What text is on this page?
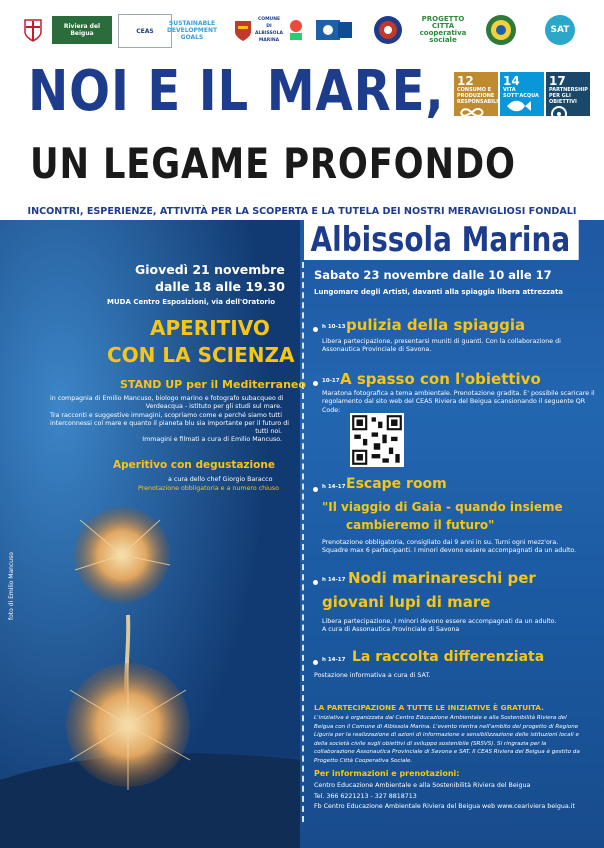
Riviera del Beigua	CEAS
SUSTAINABLE DEVELOPMENT GOALS
COMUNE DI ALBISSOLA MARINA
PROGETTO CITTÀ cooperativa sociale
SAT
NOI E IL MARE,
UN LEGAME PROFONDO
12
CONSUMO E PRODUZIONE RESPONSABILI
14
VITA SOTT'ACQUA
17
PARTNERSHIP PER GLI OBIETTIVI
INCONTRI, ESPERIENZE, ATTIVITÀ PER LA SCOPERTA E LA TUTELA DEI NOSTRI MERAVIGLIOSI FONDALI
Albissola Marina
foto di Emilio Mancuso
Giovedì 21 novembre
dalle 18 alle 19.30
MUDA Centro Esposizioni, via dell'Oratorio
APERITIVO
CON LA SCIENZA
STAND UP per il Mediterraneo
in compagnia di Emilio Mancuso, biologo marino e fotografo subacqueo di
Verdeacqua - istituto per gli studi sul mare.
Tra racconti e suggestive immagini, scopriamo come e perché siamo tutti
interconnessi col mare e quanto il pianeta blu sia importante per il futuro di
tutti noi.
Immagini e filmati a cura di Emilio Mancuso.
Aperitivo con degustazione
a cura dello chef Giorgio Baracco
Prenotazione obbligatoria e a numero chiuso
Sabato 23 novembre dalle 10 alle 17
Lungomare degli Artisti, davanti alla spiaggia libera attrezzata
h 10-13 pulizia della spiaggia
Libera partecipazione, presentarsi muniti di guanti. Con la collaborazione di
Assonautica Provinciale di Savona.
10-17 A spasso con l'obiettivo
Maratona fotografica a tema ambientale. Prenotazione gradita. E' possibile scaricare il
regolamento dal sito web del CEAS Riviera del Beigua scansionando il seguente QR
Code:
h 14-17 Escape room
"Il viaggio di Gaia - quando insieme
cambieremo il futuro"
Prenotazione obbligatoria, consigliato dai 9 anni in su. Turni ogni mezz'ora.
Squadre max 6 partecipanti. I minori devono essere accompagnati da un adulto.
h 14-17 Nodi marinareschi per
giovani lupi di mare
Libera partecipazione, I minori devono essere accompagnati da un adulto.
A cura di Assonautica Provinciale di Savona
h 14-17 La raccolta differenziata
Postazione informativa a cura di SAT.
LA PARTECIPAZIONE A TUTTE LE INIZIATIVE È GRATUITA.
L'iniziativa è organizzata dal Centro Educazione Ambientale e alla Sostenibilità Riviera del
Beigua con il Comune di Albissola Marina. L'evento rientra nell'ambito del progetto di Regione
Liguria per la realizzazione di azioni di informazione e sensibilizzazione delle istituzioni locali e
della società civile sugli obiettivi di sviluppo sostenibile (SRSVS). Si ringrazia per la
collaborazione Assonautica Provinciale di Savona e SAT. Il CEAS Riviera del Beigua è gestito da
Progetto Città Cooperativa Sociale.
Per informazioni e prenotazioni:
Centro Educazione Ambientale e alla Sostenibilità Riviera del Beigua
Tel. 366 6221213 - 327 8818713
Fb Centro Educazione Ambientale Riviera del Beigua web www.ceariviera beigua.it
